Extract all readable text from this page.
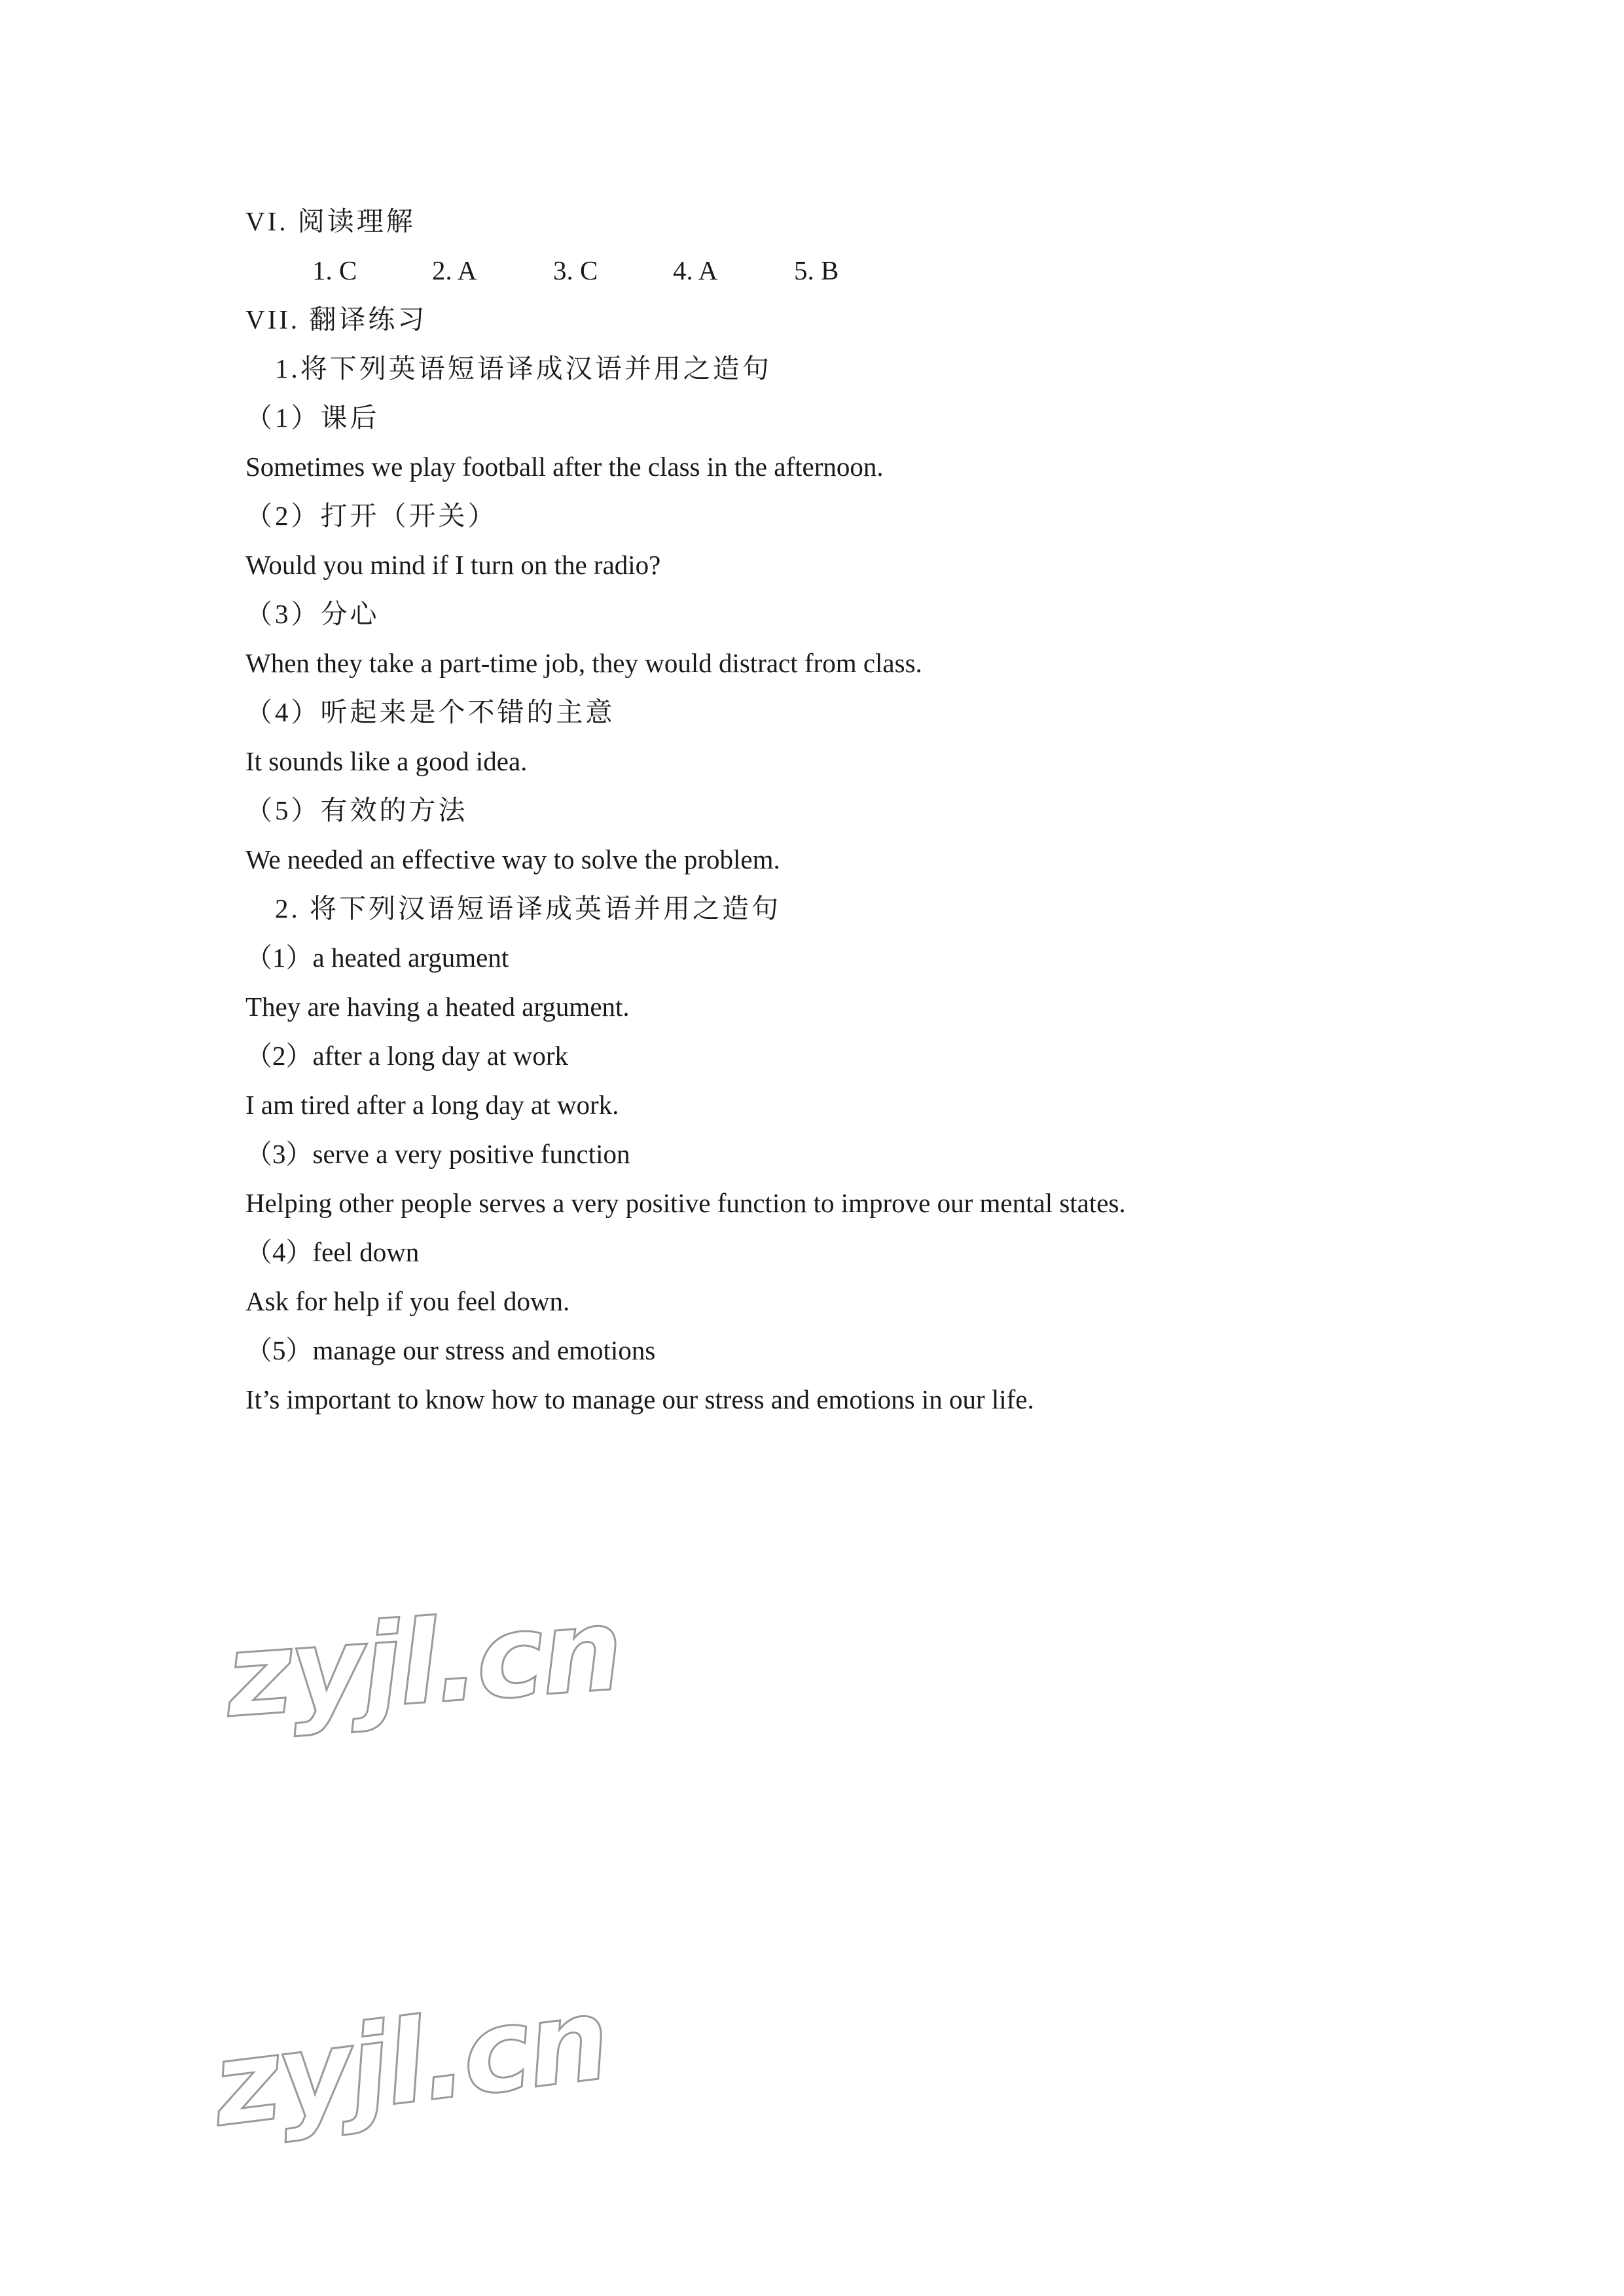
VI. 阅读理解
1. C	2. A	3. C	4. A	5. B
VII. 翻译练习
1.将下列英语短语译成汉语并用之造句
（1）课后
Sometimes we play football after the class in the afternoon.
（2）打开（开关）
Would you mind if I turn on the radio?
（3）分心
When they take a part-time job, they would distract from class.
（4）听起来是个不错的主意
It sounds like a good idea.
（5）有效的方法
We needed an effective way to solve the problem.
2. 将下列汉语短语译成英语并用之造句
（1）a heated argument
They are having a heated argument.
（2）after a long day at work
I am tired after a long day at work.
（3）serve a very positive function
Helping other people serves a very positive function to improve our mental states.
（4）feel down
Ask for help if you feel down.
（5）manage our stress and emotions
It’s important to know how to manage our stress and emotions in our life.
zyjl.cn
zyjl.cn
